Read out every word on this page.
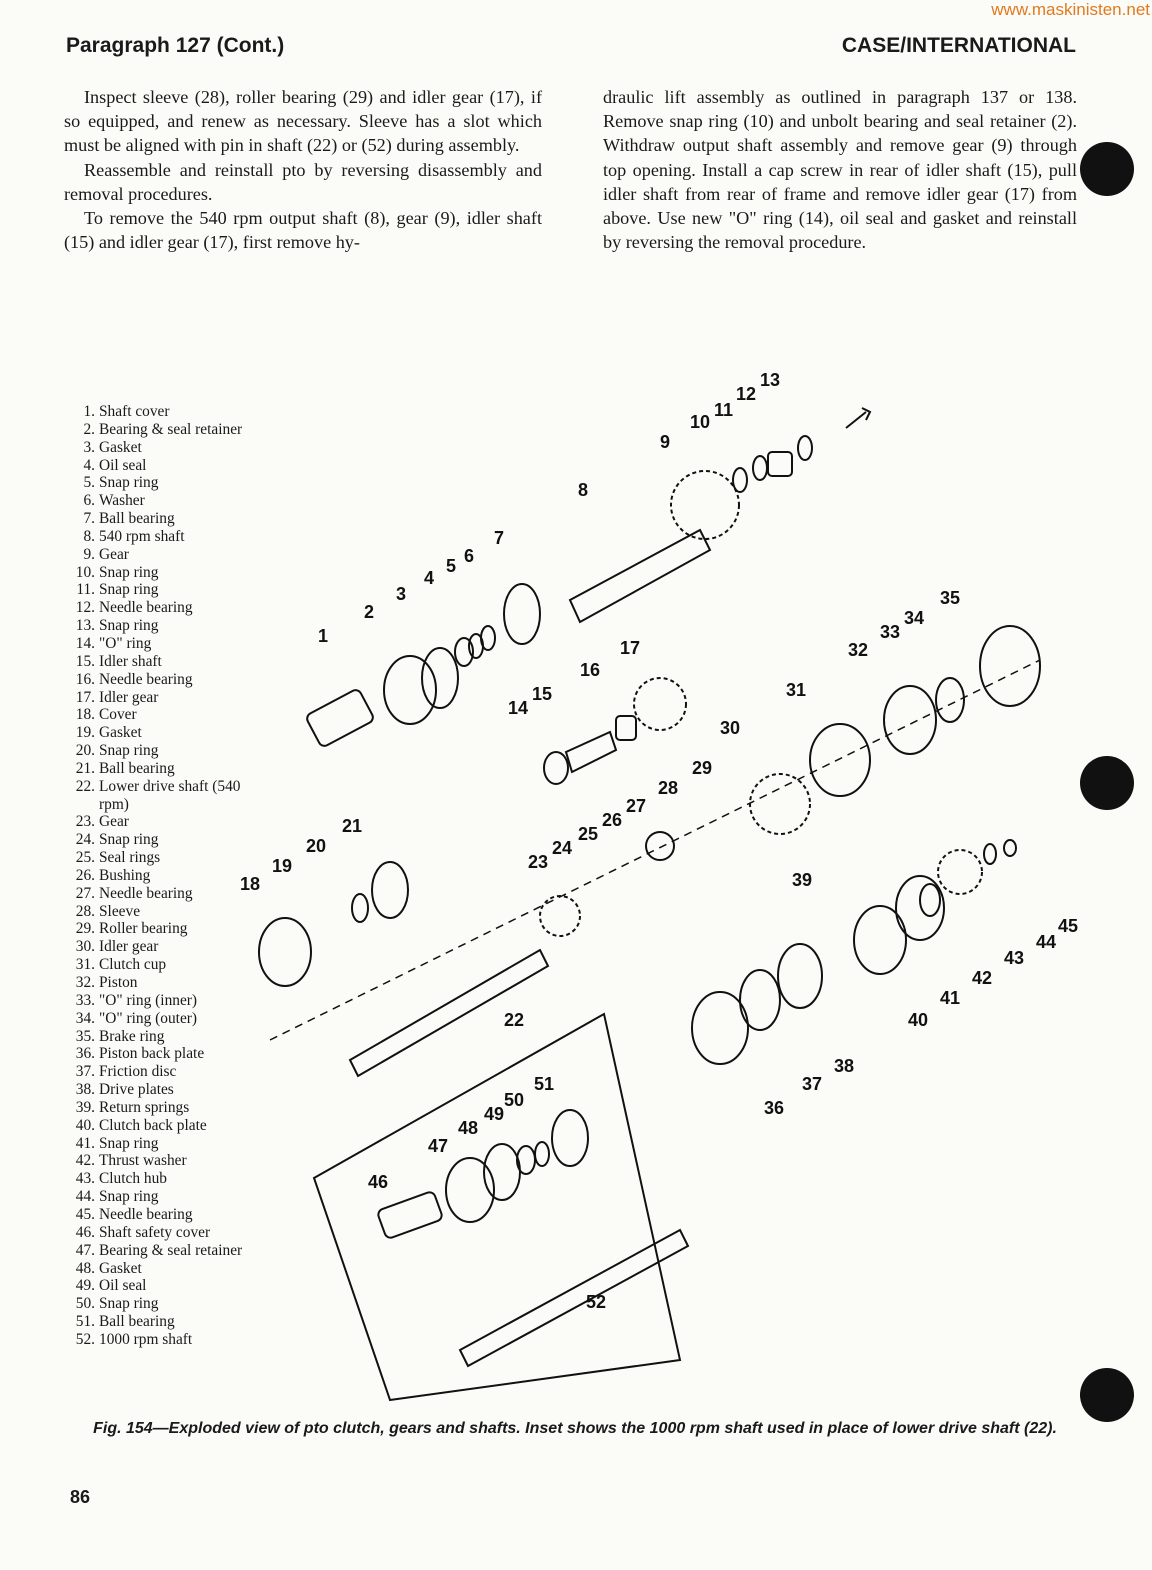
www.maskinisten.net
Paragraph 127 (Cont.)	CASE/INTERNATIONAL

Inspect sleeve (28), roller bearing (29) and idler gear (17), if so equipped, and renew as necessary. Sleeve has a slot which must be aligned with pin in shaft (22) or (52) during assembly.

Reassemble and reinstall pto by reversing disassembly and removal procedures.

To remove the 540 rpm output shaft (8), gear (9), idler shaft (15) and idler gear (17), first remove hy-

draulic lift assembly as outlined in paragraph 137 or 138. Remove snap ring (10) and unbolt bearing and seal retainer (2). Withdraw output shaft assembly and remove gear (9) through top opening. Install a cap screw in rear of idler shaft (15), pull idler shaft from rear of frame and remove idler gear (17) from above. Use new "O" ring (14), oil seal and gasket and reinstall by reversing the removal procedure.

1. Shaft cover
2. Bearing & seal retainer
3. Gasket
4. Oil seal
5. Snap ring
6. Washer
7. Ball bearing
8. 540 rpm shaft
9. Gear
10. Snap ring
11. Snap ring
12. Needle bearing
13. Snap ring
14. "O" ring
15. Idler shaft
16. Needle bearing
17. Idler gear
18. Cover
19. Gasket
20. Snap ring
21. Ball bearing
22. Lower drive shaft (540 rpm)
23. Gear
24. Snap ring
25. Seal rings
26. Bushing
27. Needle bearing
28. Sleeve
29. Roller bearing
30. Idler gear
31. Clutch cup
32. Piston
33. "O" ring (inner)
34. "O" ring (outer)
35. Brake ring
36. Piston back plate
37. Friction disc
38. Drive plates
39. Return springs
40. Clutch back plate
41. Snap ring
42. Thrust washer
43. Clutch hub
44. Snap ring
45. Needle bearing
46. Shaft safety cover
47. Bearing & seal retainer
48. Gasket
49. Oil seal
50. Snap ring
51. Ball bearing
52. 1000 rpm shaft
1
2
3
4
5 6
7
8
9
10
11
12
13
14
15
16
17
18
19
20
21
22
23
24
25
26
27
28
29
30
31
32
33
34
35
36
37
38
39
40
41
42
43
44
45
46
47
48
49
50
51
52
Fig. 154—Exploded view of pto clutch, gears and shafts. Inset shows the 1000 rpm shaft used in place of lower drive shaft (22).
86
